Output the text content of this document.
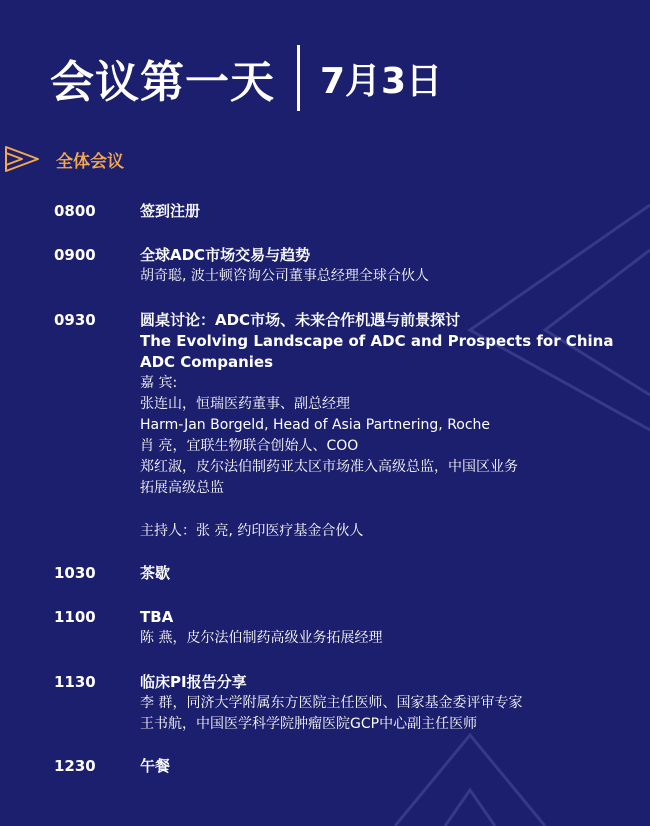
会议第一天 7月3日
全体会议
0800	签到注册
0900	全球ADC市场交易与趋势
胡奇聪, 波士顿咨询公司董事总经理全球合伙人
0930	圆桌讨论：ADC市场、未来合作机遇与前景探讨
The Evolving Landscape of ADC and Prospects for China ADC Companies
嘉 宾:
张连山，恒瑞医药董事、副总经理
Harm-Jan Borgeld, Head of Asia Partnering, Roche
肖 亮，宜联生物联合创始人、COO
郑红淑，皮尔法伯制药亚太区市场准入高级总监，中国区业务
拓展高级总监
主持人：张 亮, 约印医疗基金合伙人
1030	茶歇
1100	TBA
陈 燕，皮尔法伯制药高级业务拓展经理
1130	临床PI报告分享
李 群，同济大学附属东方医院主任医师、国家基金委评审专家
王书航，中国医学科学院肿瘤医院GCP中心副主任医师
1230	午餐
